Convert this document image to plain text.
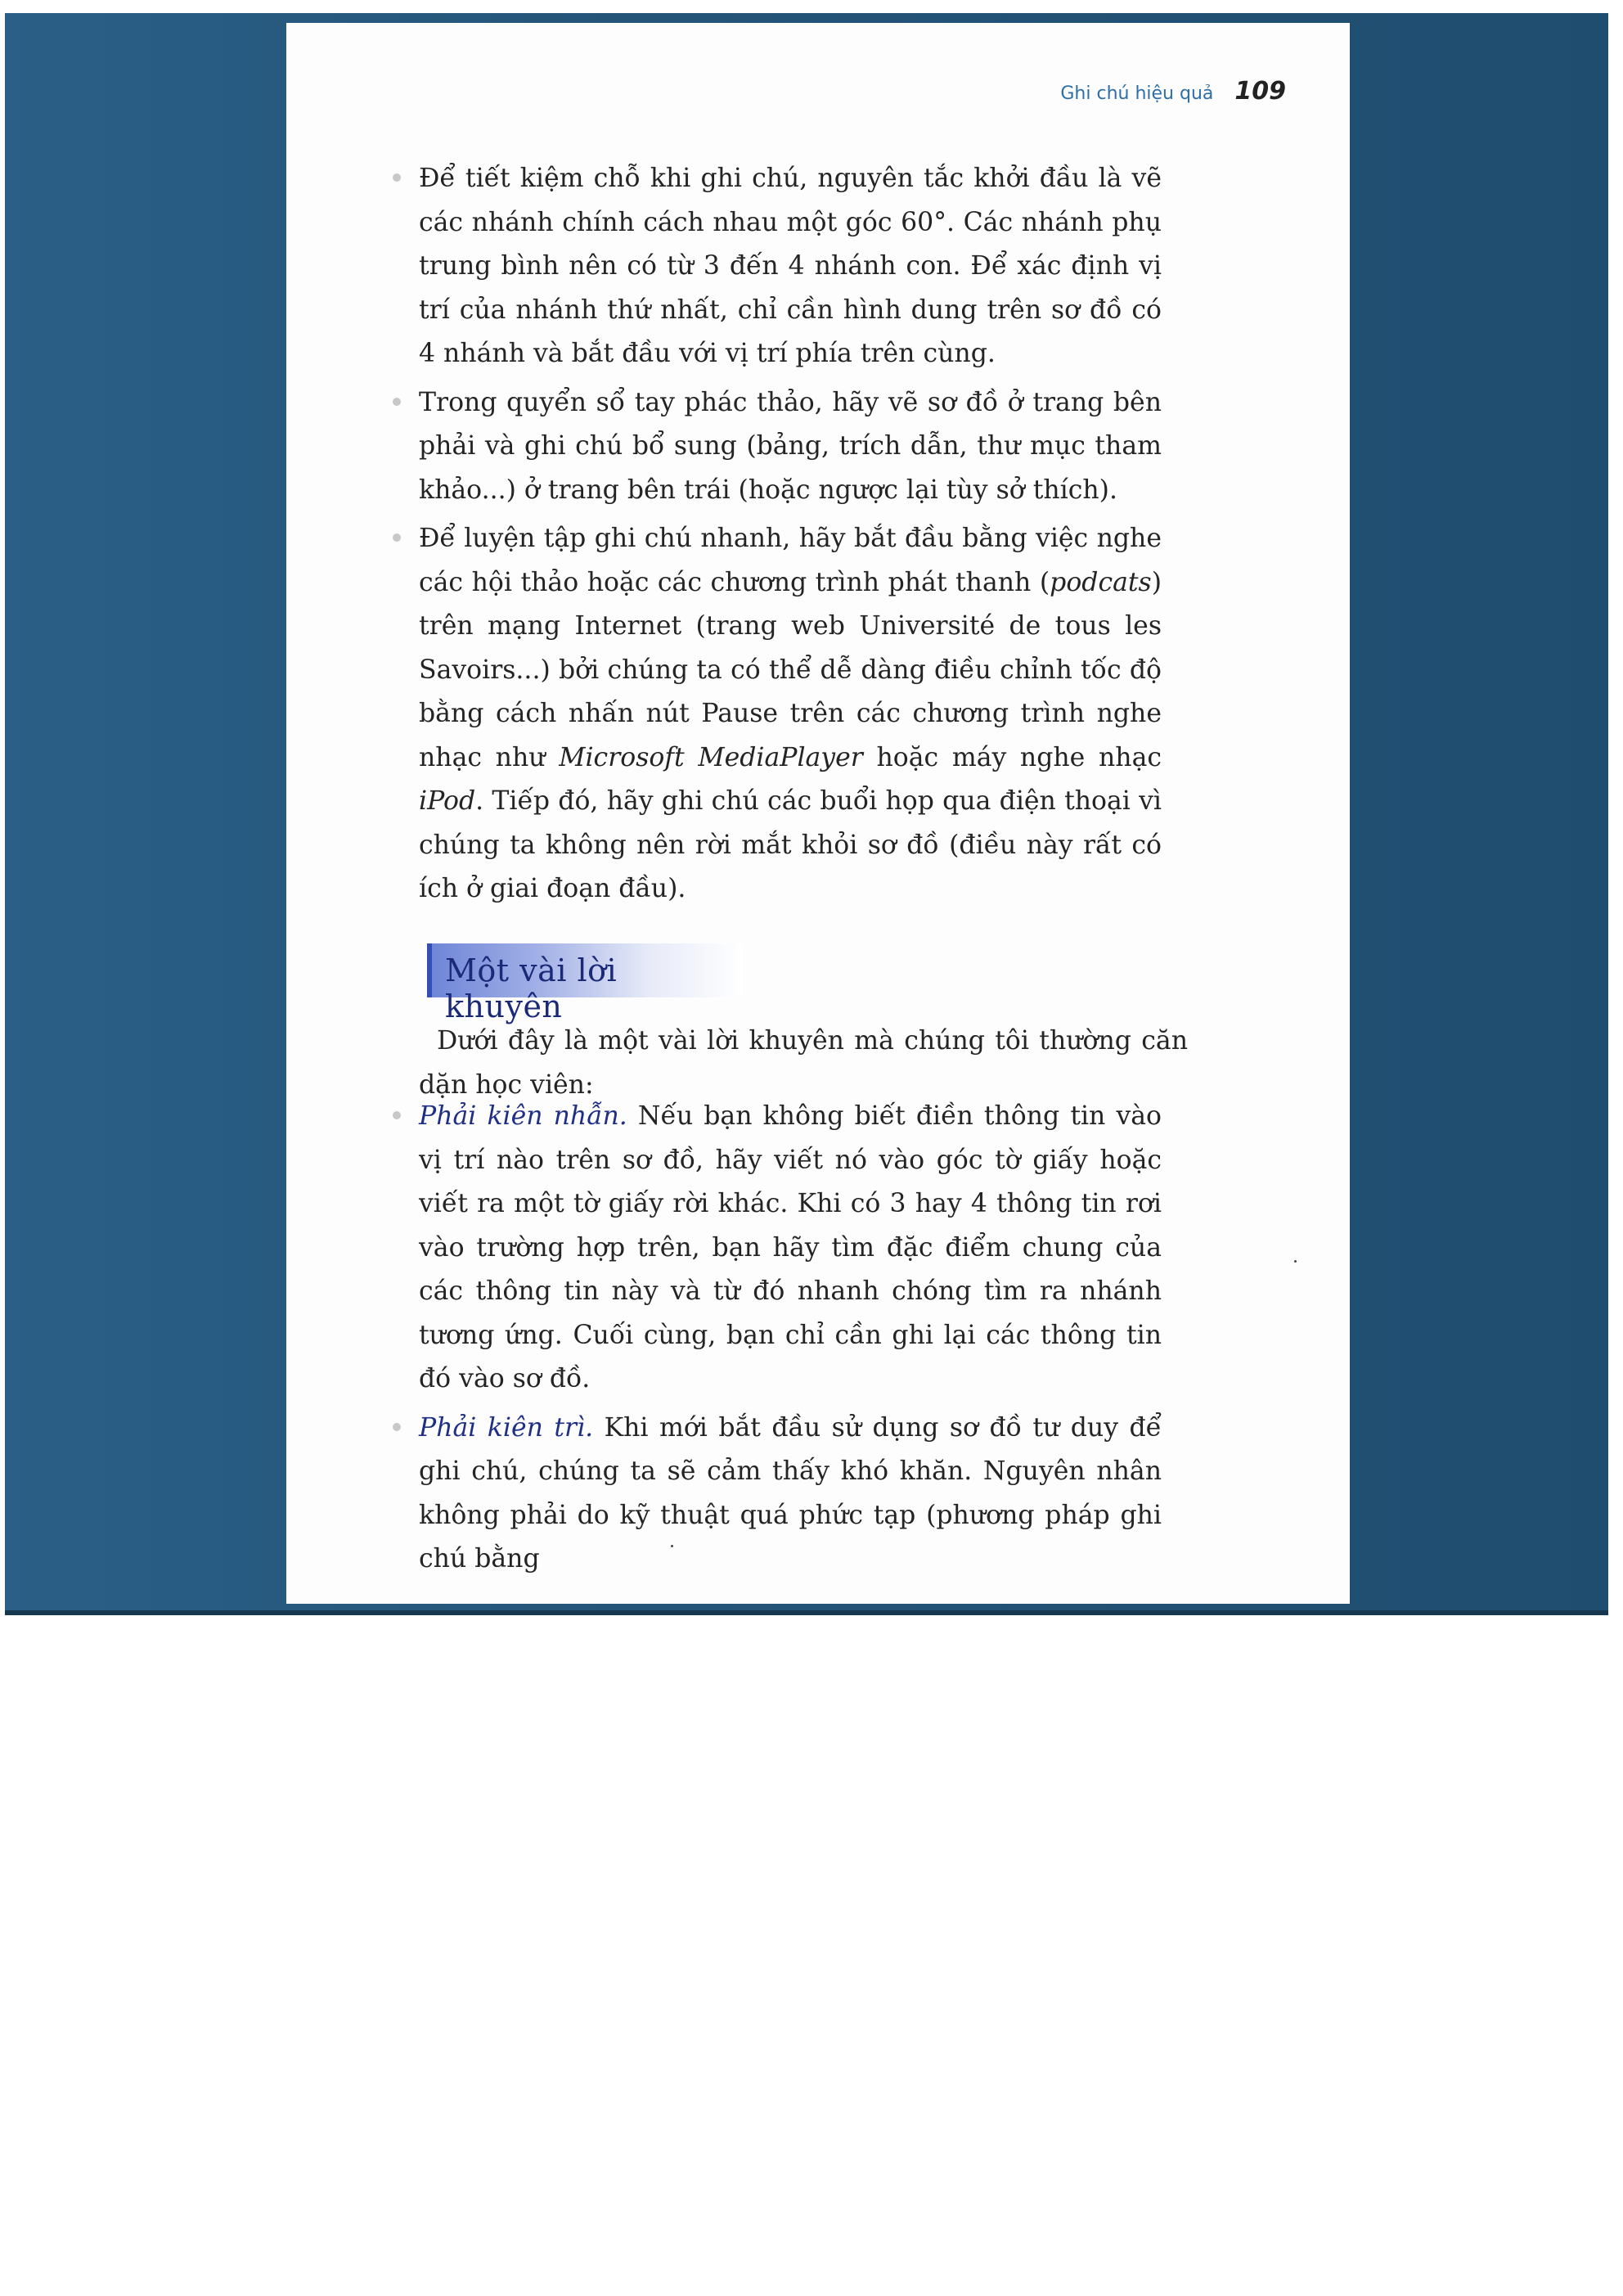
Ghi chú hiệu quả 109
Để tiết kiệm chỗ khi ghi chú, nguyên tắc khởi đầu là vẽ các nhánh chính cách nhau một góc 60°. Các nhánh phụ trung bình nên có từ 3 đến 4 nhánh con. Để xác định vị trí của nhánh thứ nhất, chỉ cần hình dung trên sơ đồ có 4 nhánh và bắt đầu với vị trí phía trên cùng.
Trong quyển sổ tay phác thảo, hãy vẽ sơ đồ ở trang bên phải và ghi chú bổ sung (bảng, trích dẫn, thư mục tham khảo...) ở trang bên trái (hoặc ngược lại tùy sở thích).
Để luyện tập ghi chú nhanh, hãy bắt đầu bằng việc nghe các hội thảo hoặc các chương trình phát thanh (podcats) trên mạng Internet (trang web Université de tous les Savoirs...) bởi chúng ta có thể dễ dàng điều chỉnh tốc độ bằng cách nhấn nút Pause trên các chương trình nghe nhạc như Microsoft MediaPlayer hoặc máy nghe nhạc iPod. Tiếp đó, hãy ghi chú các buổi họp qua điện thoại vì chúng ta không nên rời mắt khỏi sơ đồ (điều này rất có ích ở giai đoạn đầu).
Một vài lời khuyên

Dưới đây là một vài lời khuyên mà chúng tôi thường căn dặn học viên:

Phải kiên nhẫn. Nếu bạn không biết điền thông tin vào vị trí nào trên sơ đồ, hãy viết nó vào góc tờ giấy hoặc viết ra một tờ giấy rời khác. Khi có 3 hay 4 thông tin rơi vào trường hợp trên, bạn hãy tìm đặc điểm chung của các thông tin này và từ đó nhanh chóng tìm ra nhánh tương ứng. Cuối cùng, bạn chỉ cần ghi lại các thông tin đó vào sơ đồ.
Phải kiên trì. Khi mới bắt đầu sử dụng sơ đồ tư duy để ghi chú, chúng ta sẽ cảm thấy khó khăn. Nguyên nhân không phải do kỹ thuật quá phức tạp (phương pháp ghi chú bằng
